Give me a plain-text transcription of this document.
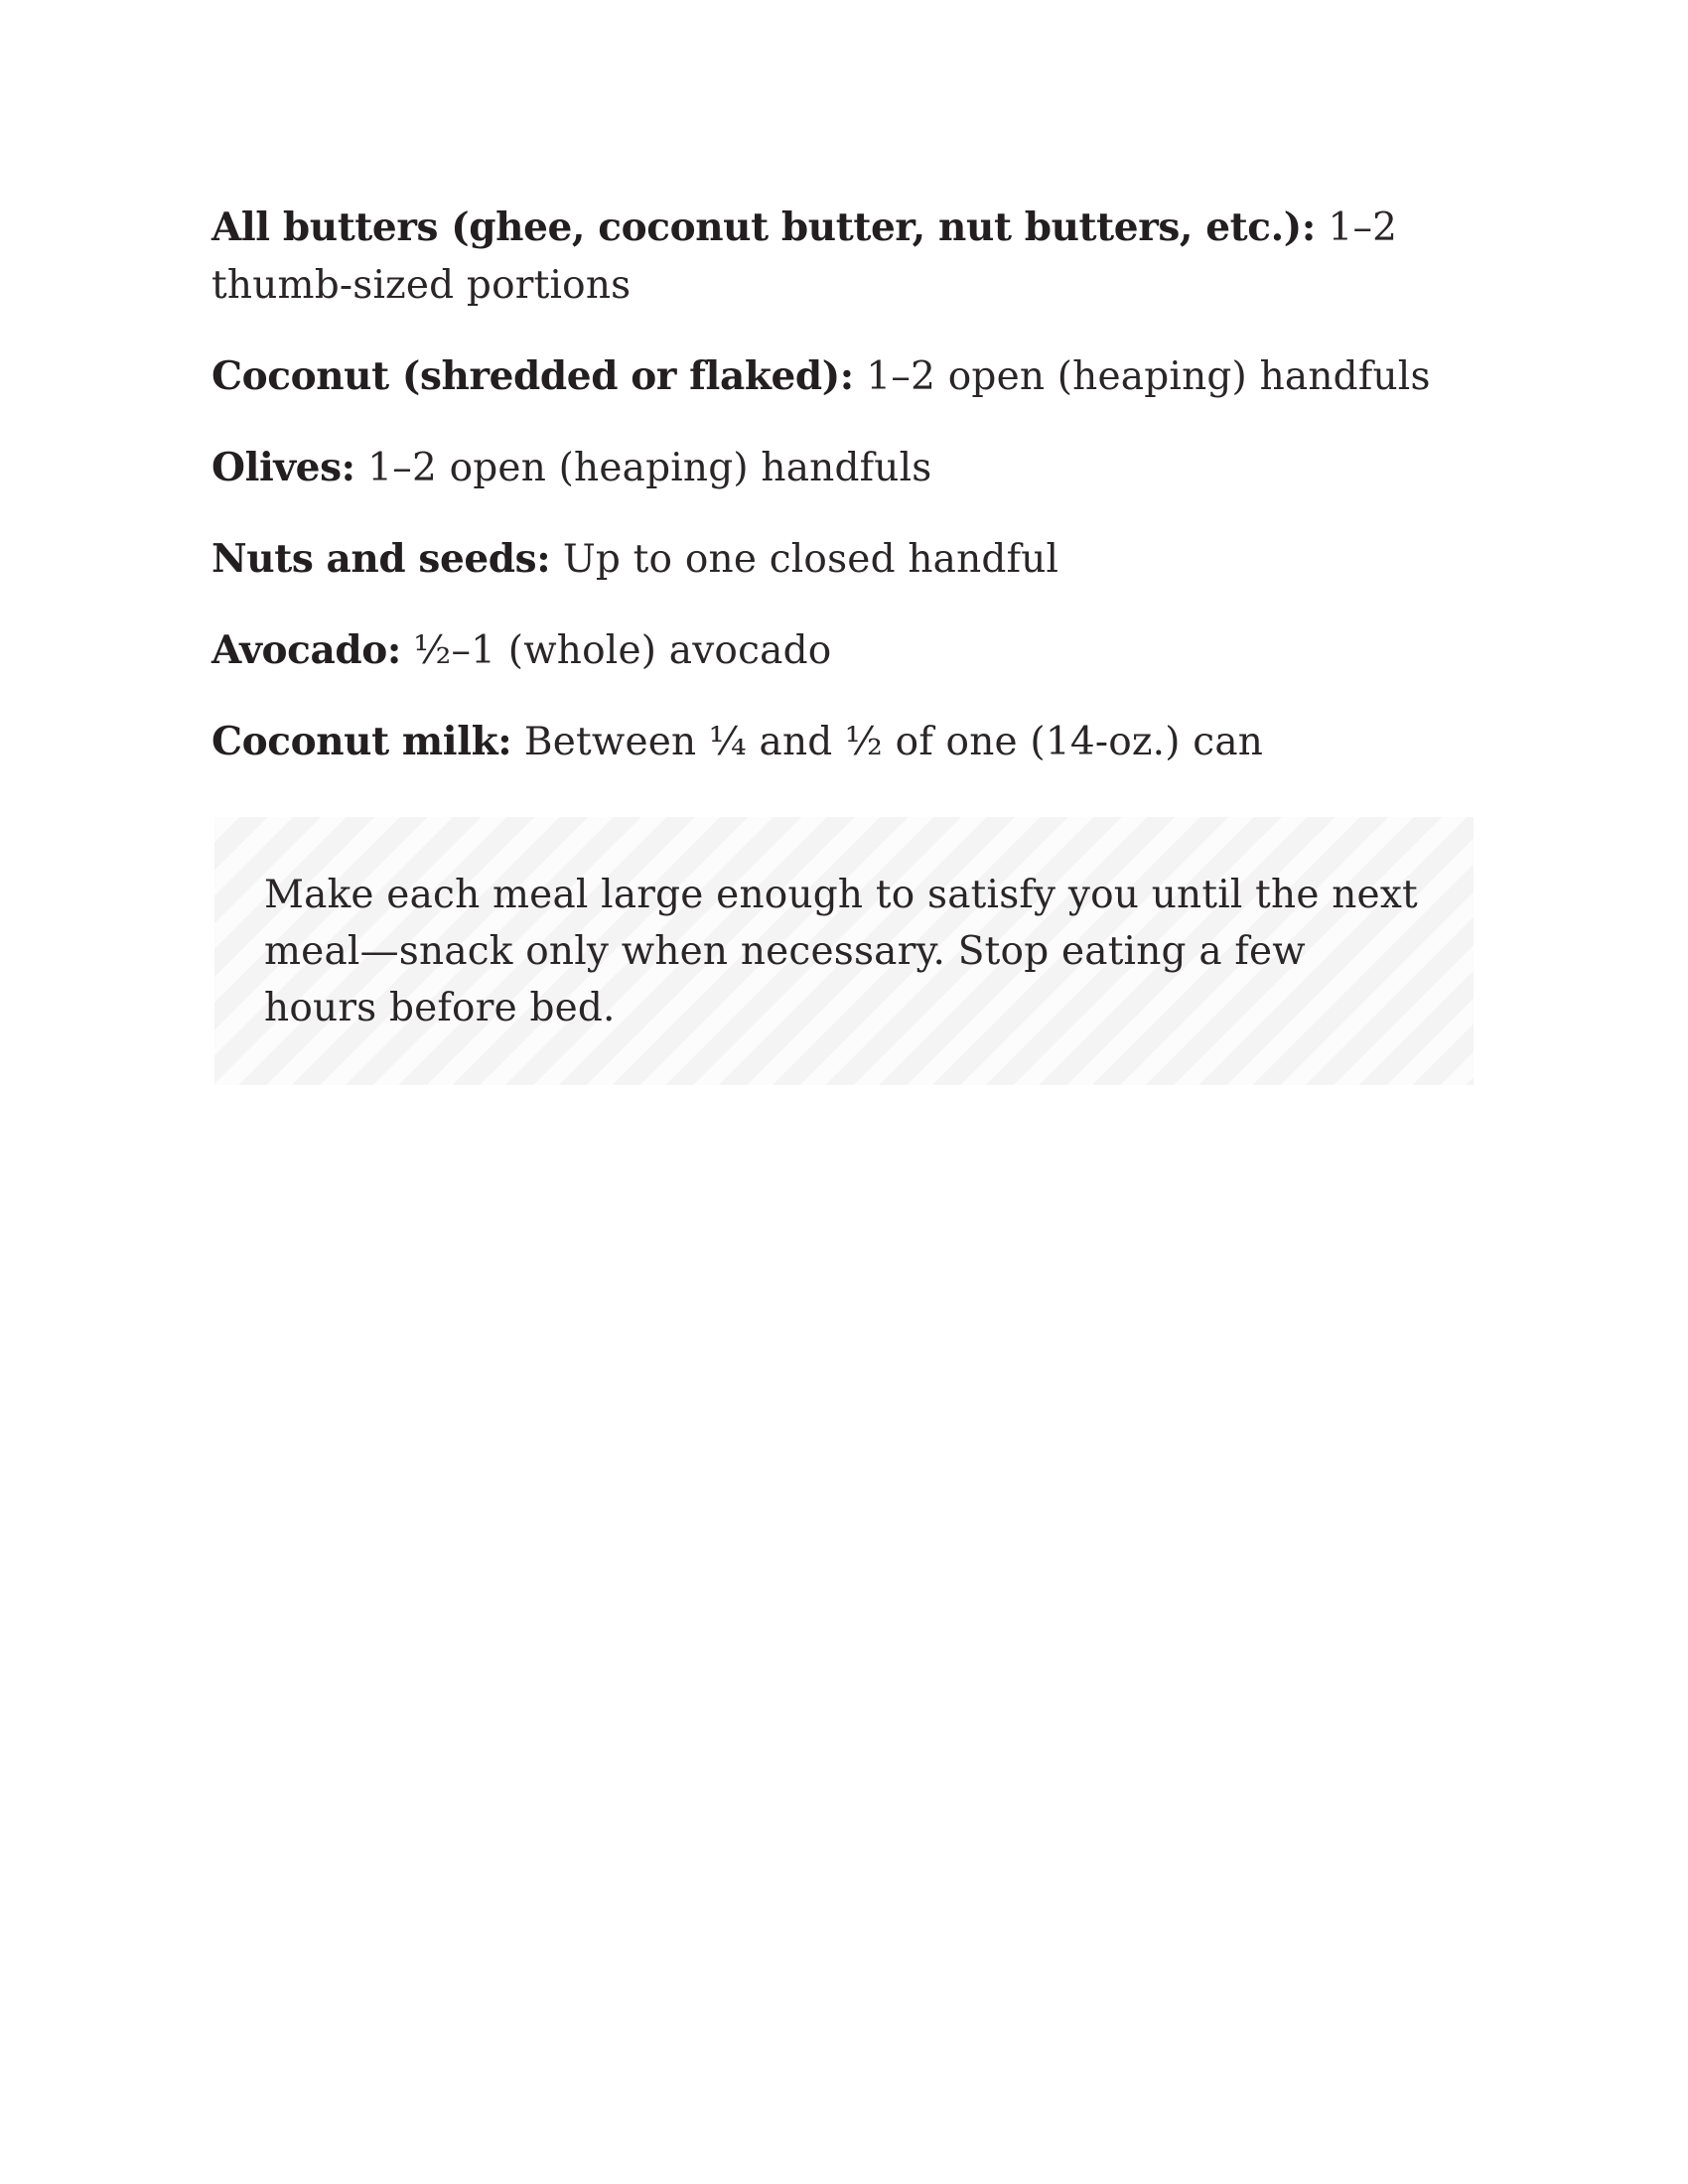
All butters (ghee, coconut butter, nut butters, etc.): 1–2 thumb-sized portions
Coconut (shredded or flaked): 1–2 open (heaping) handfuls
Olives: 1–2 open (heaping) handfuls
Nuts and seeds: Up to one closed handful
Avocado: ½–1 (whole) avocado
Coconut milk: Between ¼ and ½ of one (14-oz.) can

Make each meal large enough to satisfy you until the next meal—snack only when necessary. Stop eating a few hours before bed.
